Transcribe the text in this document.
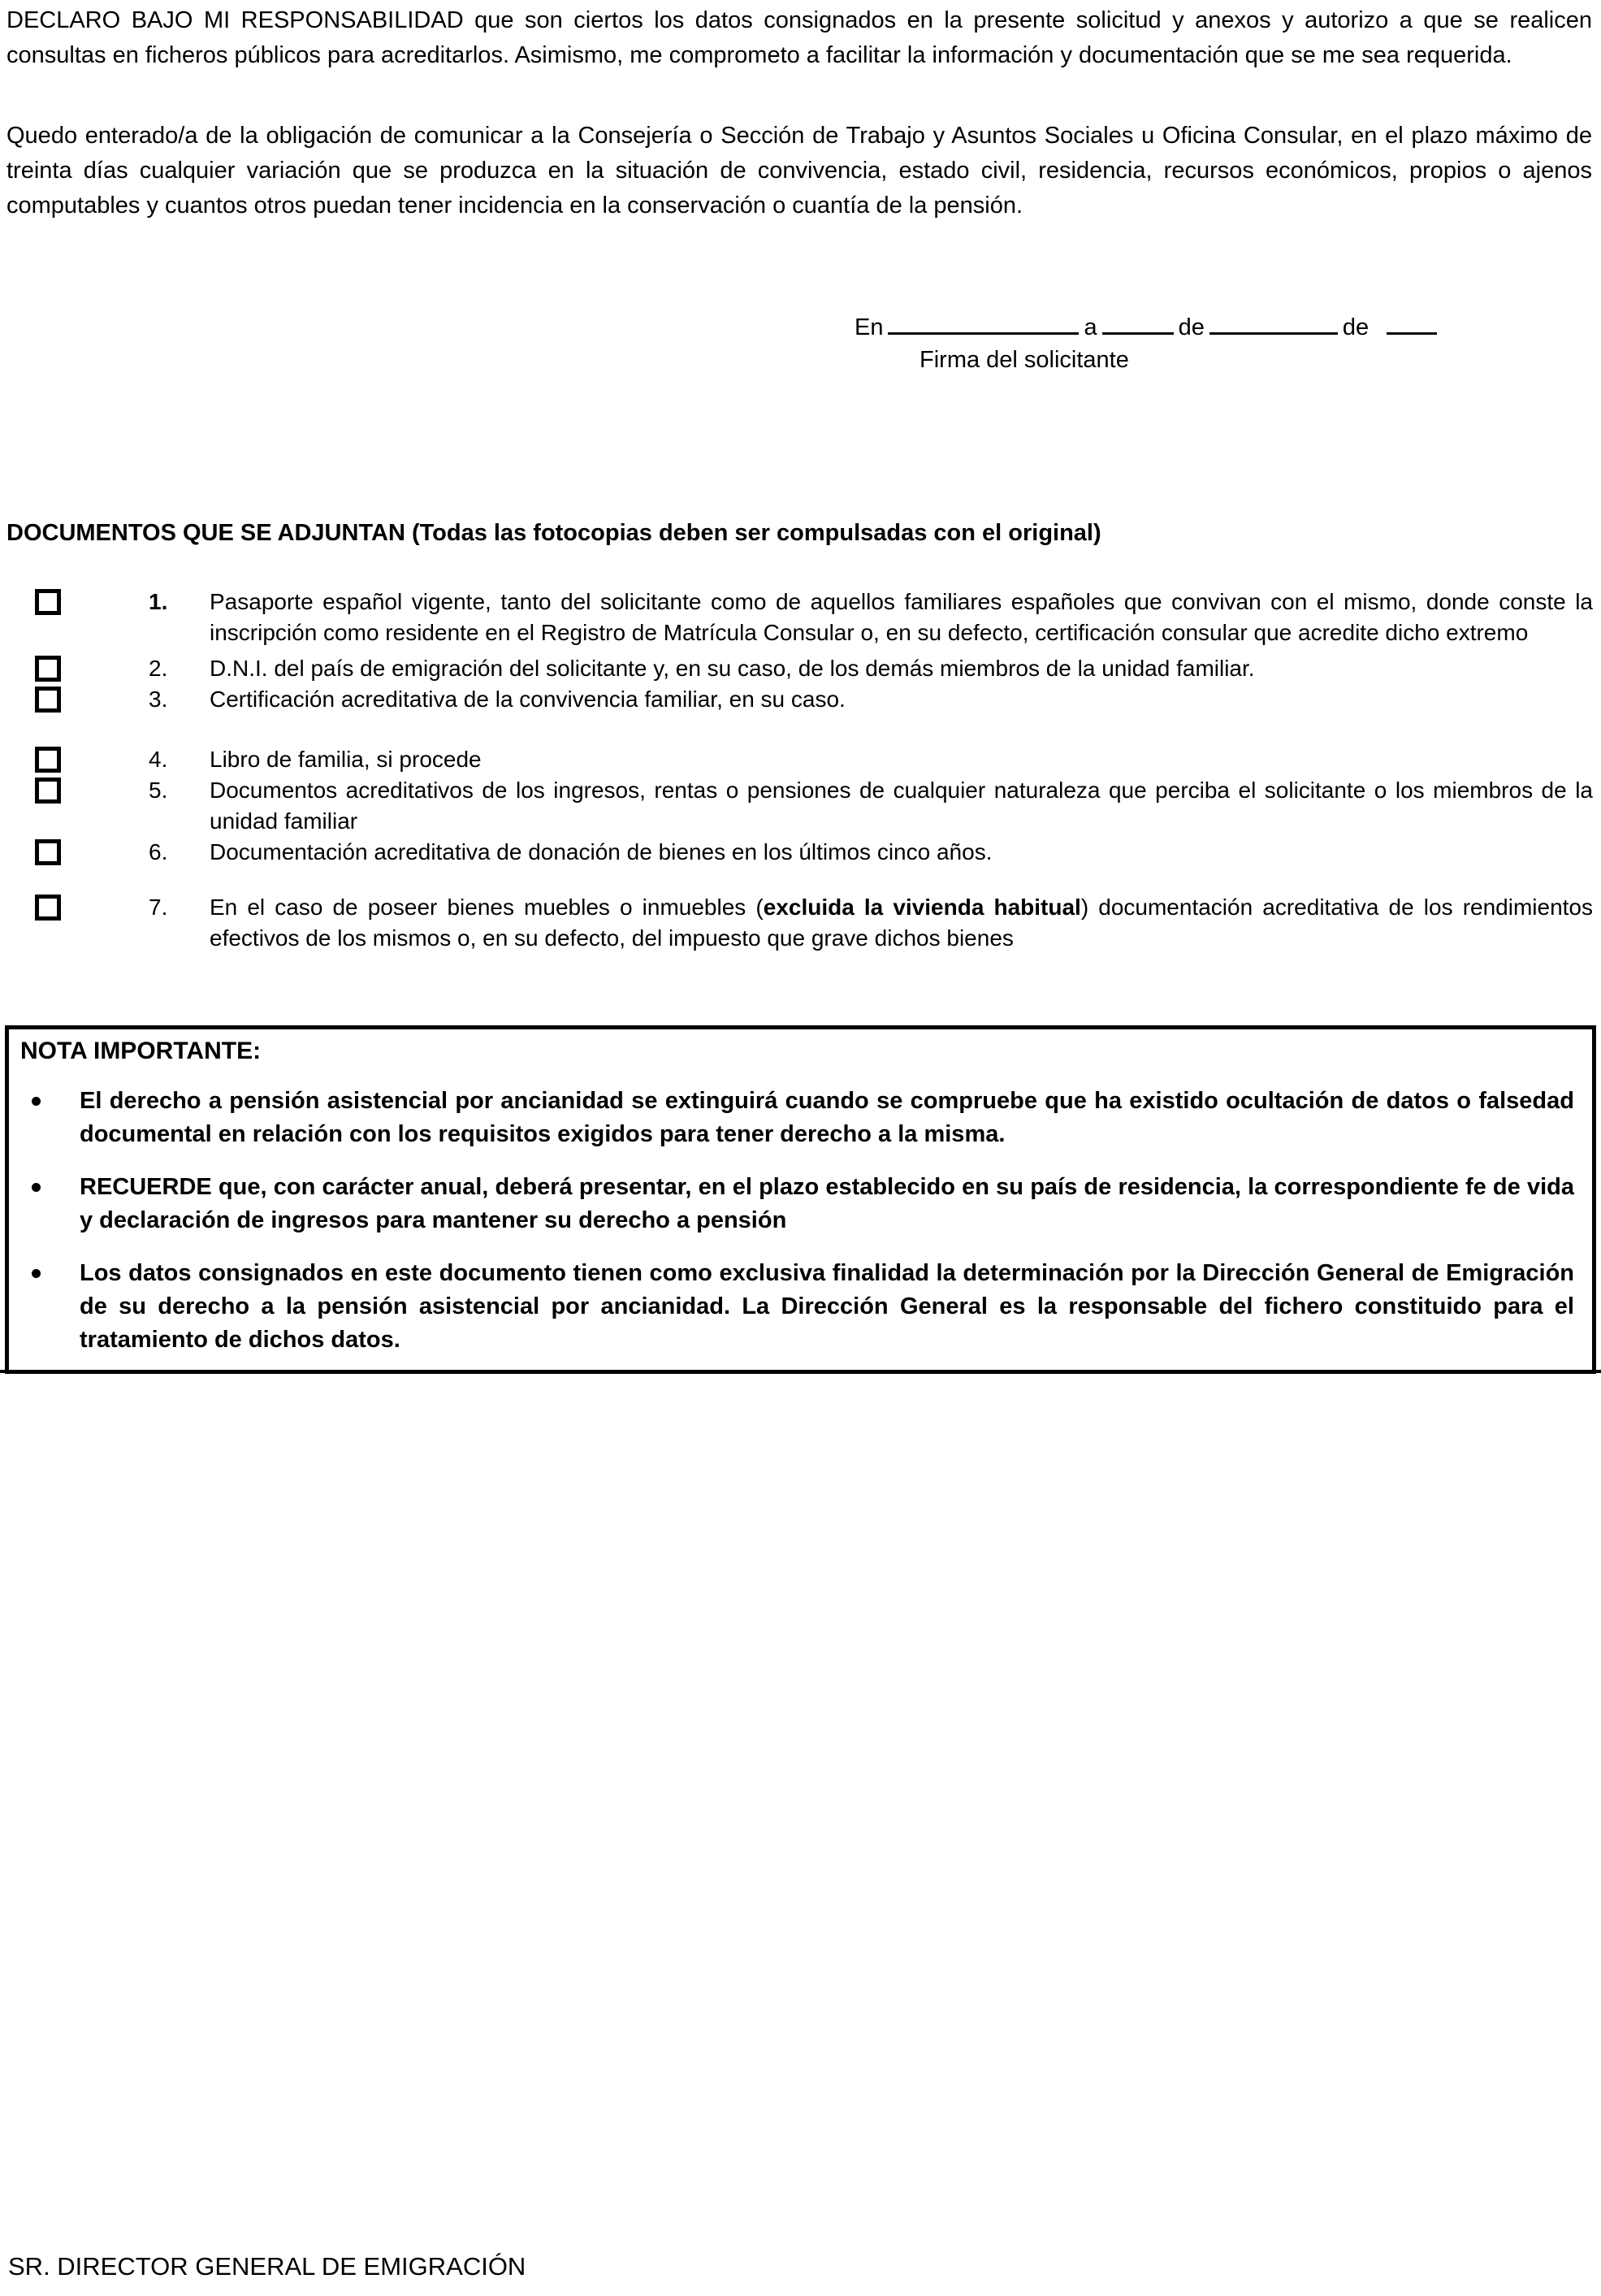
DECLARO BAJO MI RESPONSABILIDAD que son ciertos los datos consignados en la presente solicitud y anexos y autorizo a que se realicen consultas en ficheros públicos para acreditarlos. Asimismo, me comprometo a facilitar la información y documentación que se me sea requerida.
Quedo enterado/a de la obligación de comunicar a la Consejería o Sección de Trabajo y Asuntos Sociales u Oficina Consular, en el plazo máximo de treinta días cualquier variación que se produzca en la situación de convivencia, estado civil, residencia, recursos económicos, propios o ajenos computables y cuantos otros puedan tener incidencia en la conservación o cuantía de la pensión.
En	a	de	de
Firma del solicitante
DOCUMENTOS QUE SE ADJUNTAN (Todas las fotocopias deben ser compulsadas con el original)
1.	Pasaporte español vigente, tanto del solicitante como de aquellos familiares españoles que convivan con el mismo, donde conste la inscripción como residente en el Registro de Matrícula Consular o, en su defecto, certificación consular que acredite dicho extremo
2.	D.N.I. del país de emigración del solicitante y, en su caso, de los demás miembros de la unidad familiar.
3.	Certificación acreditativa de la convivencia familiar, en su caso.
4.	Libro de familia, si procede
5.	Documentos acreditativos de los ingresos, rentas o pensiones de cualquier naturaleza que perciba el solicitante o los miembros de la unidad familiar
6.	Documentación acreditativa de donación de bienes en los últimos cinco años.
7.	En el caso de poseer bienes muebles o inmuebles (excluida la vivienda habitual) documentación acreditativa de los rendimientos efectivos de los mismos o, en su defecto, del impuesto que grave dichos bienes
NOTA IMPORTANTE:
El derecho a pensión asistencial por ancianidad se extinguirá cuando se compruebe que ha existido ocultación de datos o falsedad documental en relación con los requisitos exigidos para tener derecho a la misma.
RECUERDE que, con carácter anual, deberá presentar, en el plazo establecido en su país de residencia, la correspondiente fe de vida y declaración de ingresos para mantener su derecho a pensión
Los datos consignados en este documento tienen como exclusiva finalidad la determinación por la Dirección General de Emigración de su derecho a la pensión asistencial por ancianidad. La Dirección General es la responsable del fichero constituido para el tratamiento de dichos datos.
SR. DIRECTOR GENERAL DE EMIGRACIÓN
